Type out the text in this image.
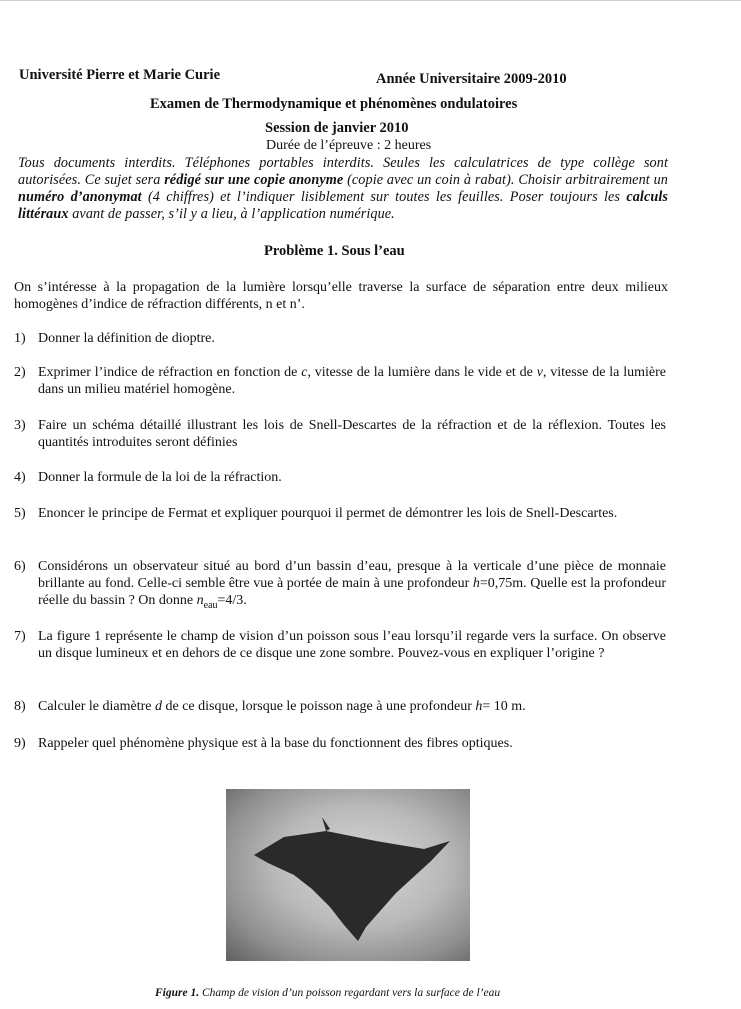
Université Pierre et Marie Curie	Année Universitaire 2009-2010
Examen de Thermodynamique et phénomènes ondulatoires
Session de janvier 2010
Durée de l’épreuve : 2 heures
Tous documents interdits. Téléphones portables interdits. Seules les calculatrices de type collège sont autorisées. Ce sujet sera rédigé sur une copie anonyme (copie avec un coin à rabat). Choisir arbitrairement un numéro d’anonymat (4 chiffres) et l’indiquer lisiblement sur toutes les feuilles. Poser toujours les calculs littéraux avant de passer, s’il y a lieu, à l’application numérique.
Problème 1. Sous l’eau
On s’intéresse à la propagation de la lumière lorsqu’elle traverse la surface de séparation entre deux milieux homogènes d’indice de réfraction différents, n et n’.
1) Donner la définition de dioptre.
2) Exprimer l’indice de réfraction en fonction de c, vitesse de la lumière dans le vide et de v, vitesse de la lumière dans un milieu matériel homogène.
3) Faire un schéma détaillé illustrant les lois de Snell-Descartes de la réfraction et de la réflexion. Toutes les quantités introduites seront définies
4) Donner la formule de la loi de la réfraction.
5) Enoncer le principe de Fermat et expliquer pourquoi il permet de démontrer les lois de Snell-Descartes.
6) Considérons un observateur situé au bord d’un bassin d’eau, presque à la verticale d’une pièce de monnaie brillante au fond. Celle-ci semble être vue à portée de main à une profondeur h=0,75m. Quelle est la profondeur réelle du bassin ? On donne $n_{eau}=4/3$.
7) La figure 1 représente le champ de vision d’un poisson sous l’eau lorsqu’il regarde vers la surface. On observe un disque lumineux et en dehors de ce disque une zone sombre. Pouvez-vous en expliquer l’origine ?
8) Calculer le diamètre d de ce disque, lorsque le poisson nage à une profondeur h= 10 m.
9) Rappeler quel phénomène physique est à la base du fonctionnent des fibres optiques.
Figure 1. Champ de vision d’un poisson regardant vers la surface de l’eau
